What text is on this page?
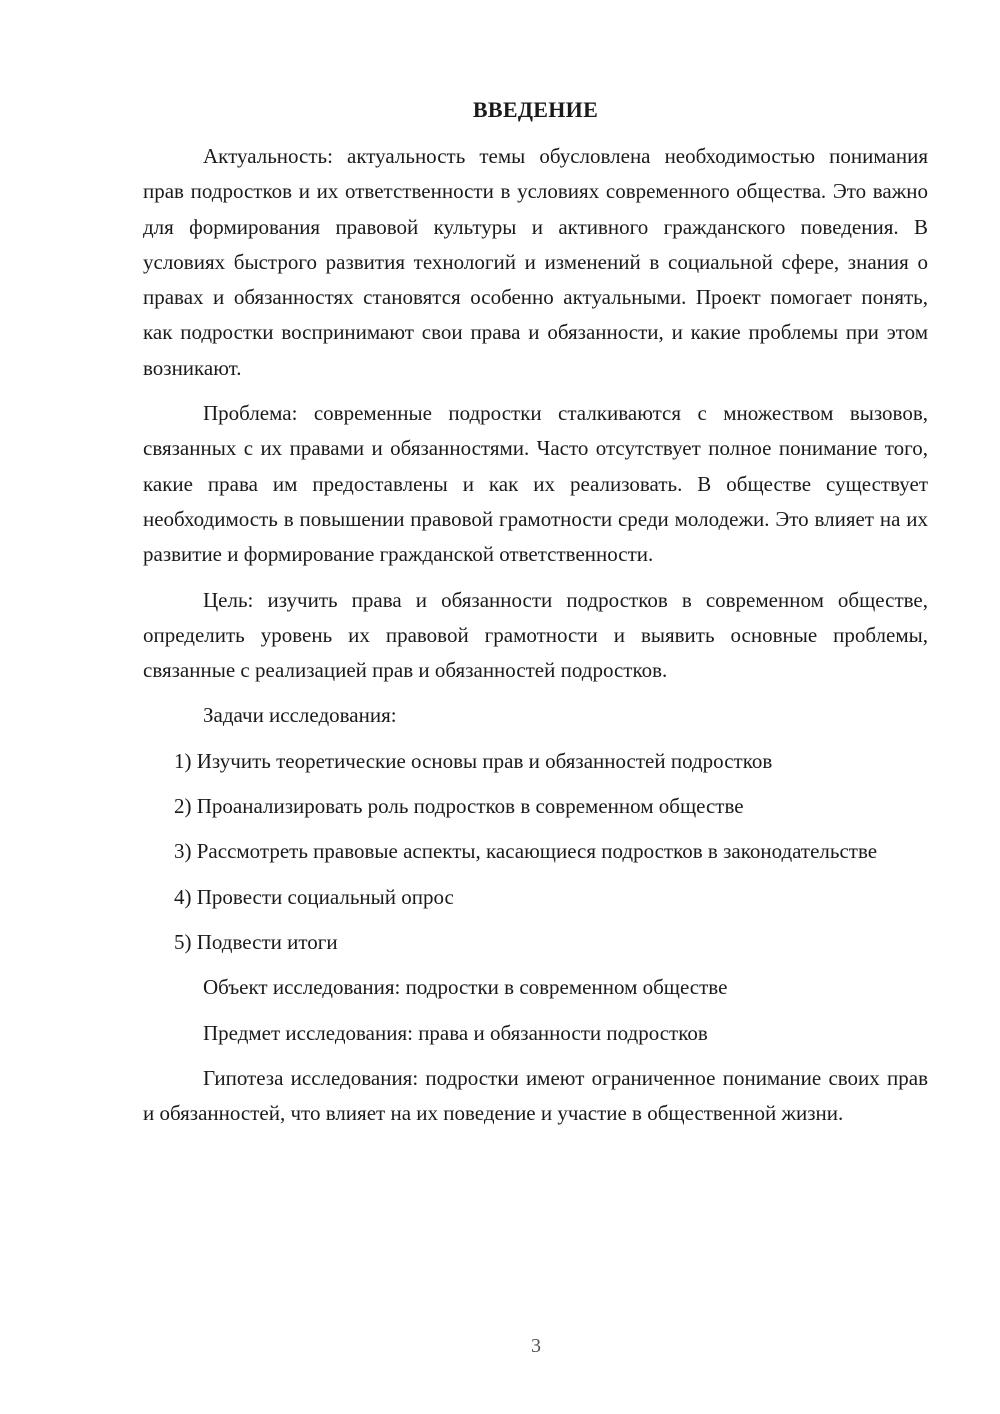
ВВЕДЕНИЕ

Актуальность: актуальность темы обусловлена необходимостью понимания прав подростков и их ответственности в условиях современного общества. Это важно для формирования правовой культуры и активного гражданского поведения. В условиях быстрого развития технологий и изменений в социальной сфере, знания о правах и обязанностях становятся особенно актуальными. Проект помогает понять, как подростки воспринимают свои права и обязанности, и какие проблемы при этом возникают.

Проблема: современные подростки сталкиваются с множеством вызовов, связанных с их правами и обязанностями. Часто отсутствует полное понимание того, какие права им предоставлены и как их реализовать. В обществе существует необходимость в повышении правовой грамотности среди молодежи. Это влияет на их развитие и формирование гражданской ответственности.

Цель: изучить права и обязанности подростков в современном обществе, определить уровень их правовой грамотности и выявить основные проблемы, связанные с реализацией прав и обязанностей подростков.

Задачи исследования:

1) Изучить теоретические основы прав и обязанностей подростков

2) Проанализировать роль подростков в современном обществе

3) Рассмотреть правовые аспекты, касающиеся подростков в законодательстве

4) Провести социальный опрос

5) Подвести итоги

Объект исследования: подростки в современном обществе

Предмет исследования: права и обязанности подростков

Гипотеза исследования: подростки имеют ограниченное понимание своих прав и обязанностей, что влияет на их поведение и участие в общественной жизни.

3
